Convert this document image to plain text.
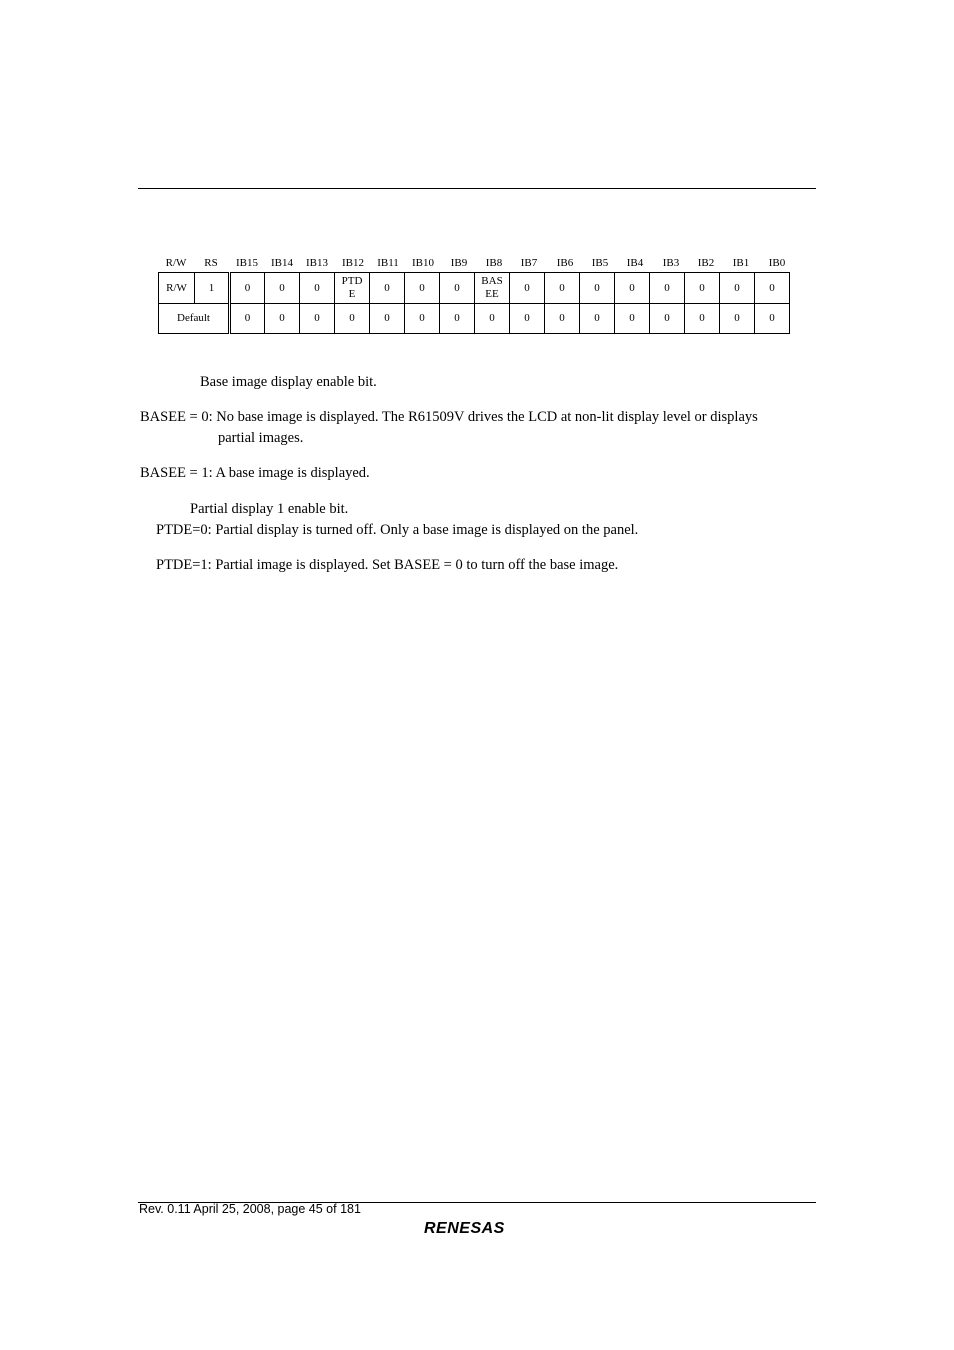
R/W	RS	IB15	IB14	IB13	IB12	IB11	IB10	IB9	IB8	IB7	IB6	IB5	IB4	IB3	IB2	IB1	IB0
R/W	1	0	0	0	PTD E	0	0	0	BAS EE	0	0	0	0	0	0	0	0
Default		0	0	0	0	0	0	0	0	0	0	0	0	0	0	0	0
Base image display enable bit.
BASEE = 0: No base image is displayed. The R61509V drives the LCD at non-lit display level or displays
partial images.
BASEE = 1: A base image is displayed.
Partial display 1 enable bit.
PTDE=0: Partial display is turned off. Only a base image is displayed on the panel.
PTDE=1: Partial image is displayed. Set BASEE = 0 to turn off the base image.
Rev. 0.11 April 25, 2008, page 45 of 181
RENESAS
